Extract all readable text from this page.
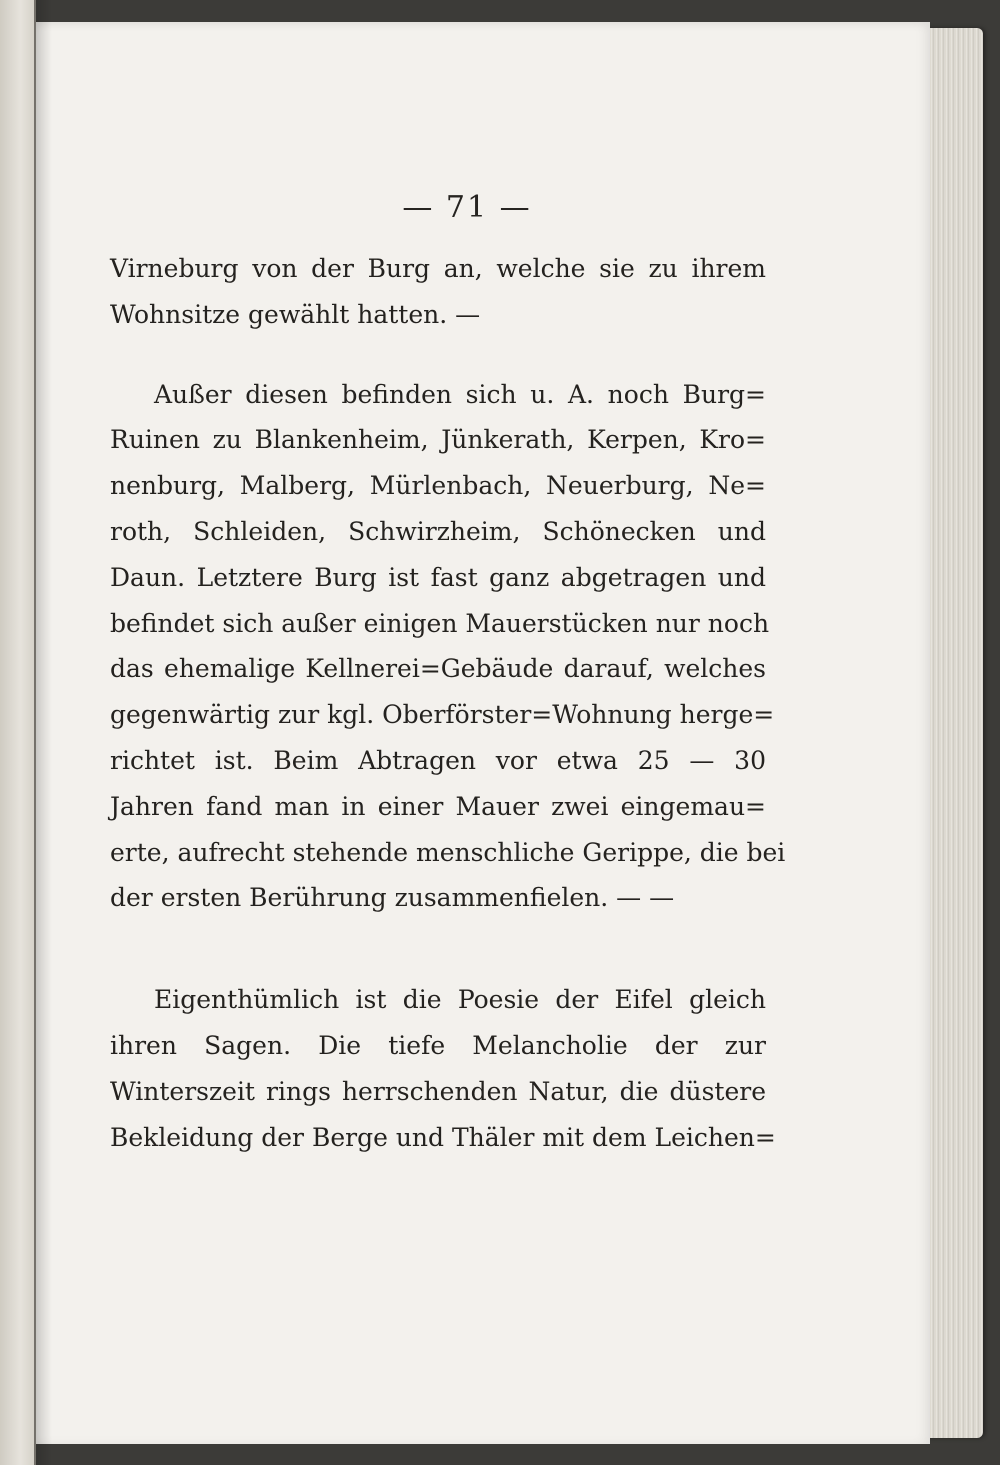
— 71 —
Virneburg von der Burg an, welche sie zu ihrem
Wohnsitze gewählt hatten. —
Außer diesen befinden sich u. A. noch Burg=
Ruinen zu Blankenheim, Jünkerath, Kerpen, Kro=
nenburg, Malberg, Mürlenbach, Neuerburg, Ne=
roth, Schleiden, Schwirzheim, Schönecken und
Daun. Letztere Burg ist fast ganz abgetragen und
befindet sich außer einigen Mauerstücken nur noch
das ehemalige Kellnerei=Gebäude darauf, welches
gegenwärtig zur kgl. Oberförster=Wohnung herge=
richtet ist. Beim Abtragen vor etwa 25 — 30
Jahren fand man in einer Mauer zwei eingemau=
erte, aufrecht stehende menschliche Gerippe, die bei
der ersten Berührung zusammenfielen. — —
Eigenthümlich ist die Poesie der Eifel gleich
ihren Sagen. Die tiefe Melancholie der zur
Winterszeit rings herrschenden Natur, die düstere
Bekleidung der Berge und Thäler mit dem Leichen=
